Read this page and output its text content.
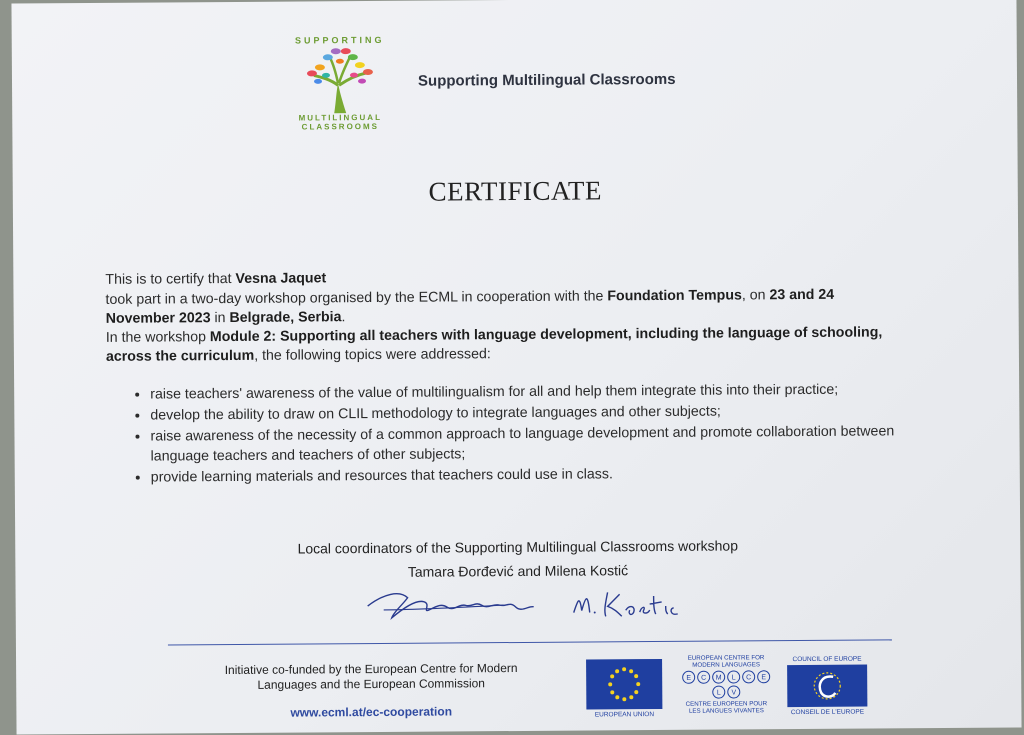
SUPPORTING
MULTILINGUAL
CLASSROOMS
Supporting Multilingual Classrooms
CERTIFICATE
This is to certify that Vesna Jaquet
took part in a two-day workshop organised by the ECML in cooperation with the Foundation Tempus, on 23 and 24 November 2023 in Belgrade, Serbia.
In the workshop Module 2: Supporting all teachers with language development, including the language of schooling, across the curriculum, the following topics were addressed:
• raise teachers' awareness of the value of multilingualism for all and help them integrate this into their practice;
• develop the ability to draw on CLIL methodology to integrate languages and other subjects;
• raise awareness of the necessity of a common approach to language development and promote collaboration between language teachers and teachers of other subjects;
• provide learning materials and resources that teachers could use in class.
Local coordinators of the Supporting Multilingual Classrooms workshop
Tamara Đorđević and Milena Kostić
Initiative co-funded by the European Centre for Modern Languages and the European Commission
www.ecml.at/ec-cooperation	EUROPEAN UNION
EUROPEAN CENTRE FOR MODERN LANGUAGES
E	C	M	L	C	E
L	V
CENTRE EUROPEEN POUR LES LANGUES VIVANTES
COUNCIL OF EUROPE
CONSEIL DE L'EUROPE
